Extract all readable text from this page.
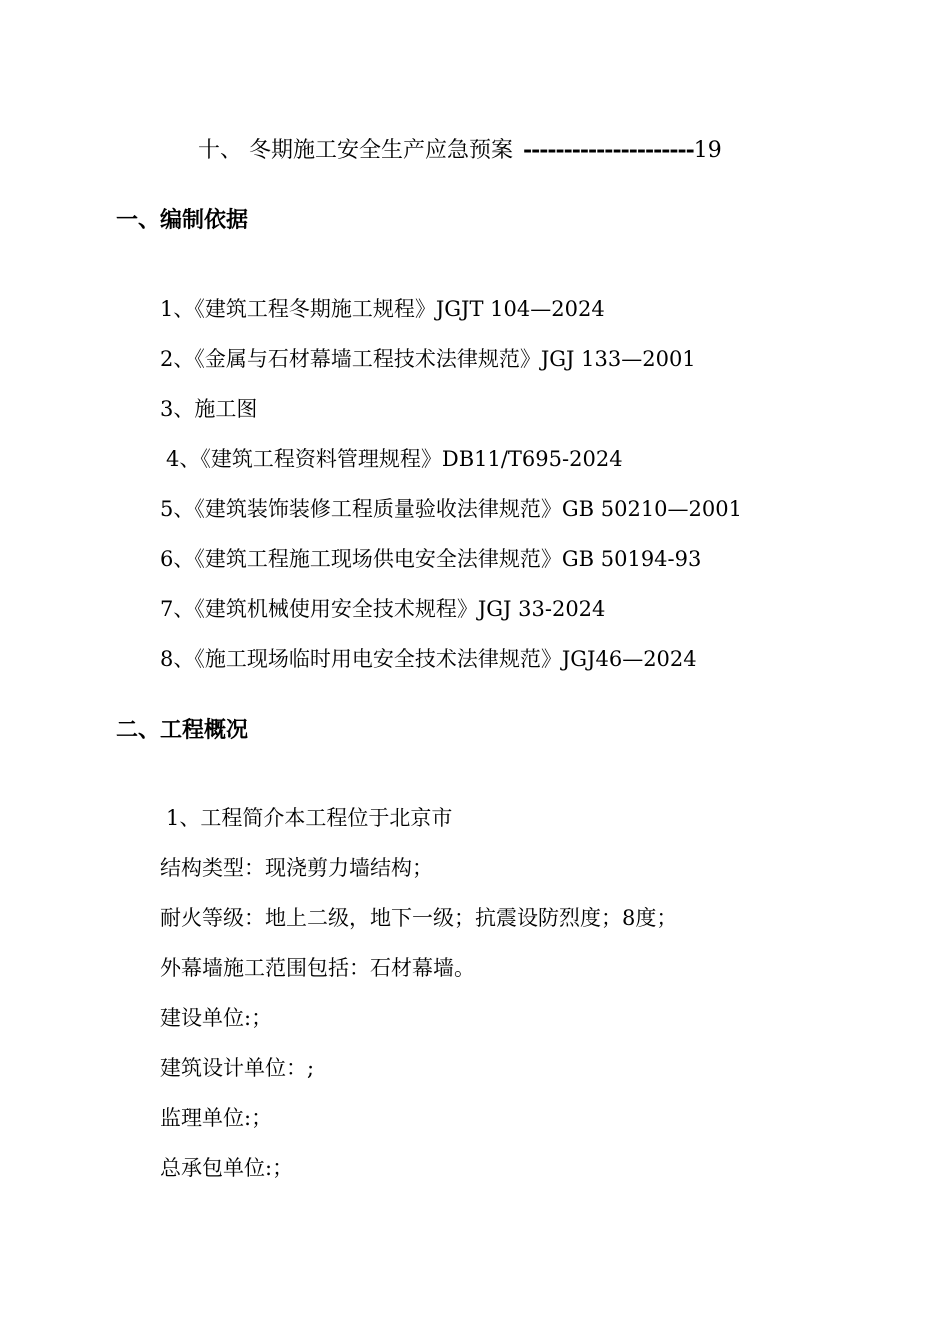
十、 冬期施工安全生产应急预案 ---------------------19
一、编制依据
1、《建筑工程冬期施工规程》JGJT 104—2024
2、《金属与石材幕墙工程技术法律规范》JGJ 133—2001
3、施工图
4、《建筑工程资料管理规程》DB11/T695-2024
5、《建筑装饰装修工程质量验收法律规范》GB 50210—2001
6、《建筑工程施工现场供电安全法律规范》GB 50194-93
7、《建筑机械使用安全技术规程》JGJ 33-2024
8、《施工现场临时用电安全技术法律规范》JGJ46—2024
二、工程概况
1、工程简介本工程位于北京市
结构类型：现浇剪力墙结构；
耐火等级：地上二级，地下一级；抗震设防烈度；8度；
外幕墙施工范围包括：石材幕墙。
建设单位:；
建筑设计单位：;
监理单位:；
总承包单位:；
